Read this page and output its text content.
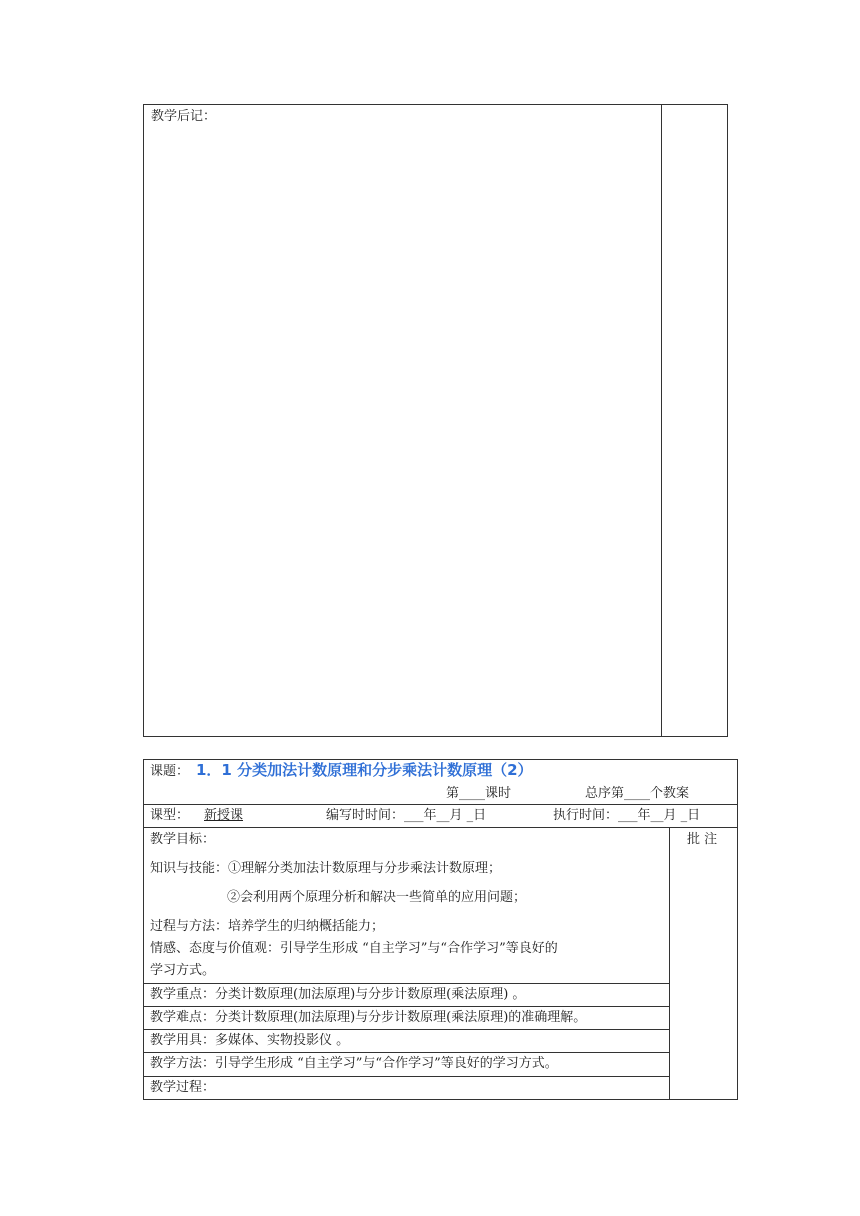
教学后记：
课题： 1．1 分类加法计数原理和分步乘法计数原理（2）
第____课时	总序第____个教案
课型：	新授课	编写时时间：___年__月 _日	执行时间：___年__月 _日
批 注
教学目标：
知识与技能：①理解分类加法计数原理与分步乘法计数原理；
②会利用两个原理分析和解决一些简单的应用问题；
过程与方法：培养学生的归纳概括能力；
情感、态度与价值观：引导学生形成 “自主学习”与“合作学习”等良好的
学习方式。
教学重点：分类计数原理(加法原理)与分步计数原理(乘法原理) 。
教学难点：分类计数原理(加法原理)与分步计数原理(乘法原理)的准确理解。
教学用具：多媒体、实物投影仪 。
教学方法：引导学生形成 “自主学习”与“合作学习”等良好的学习方式。
教学过程：
